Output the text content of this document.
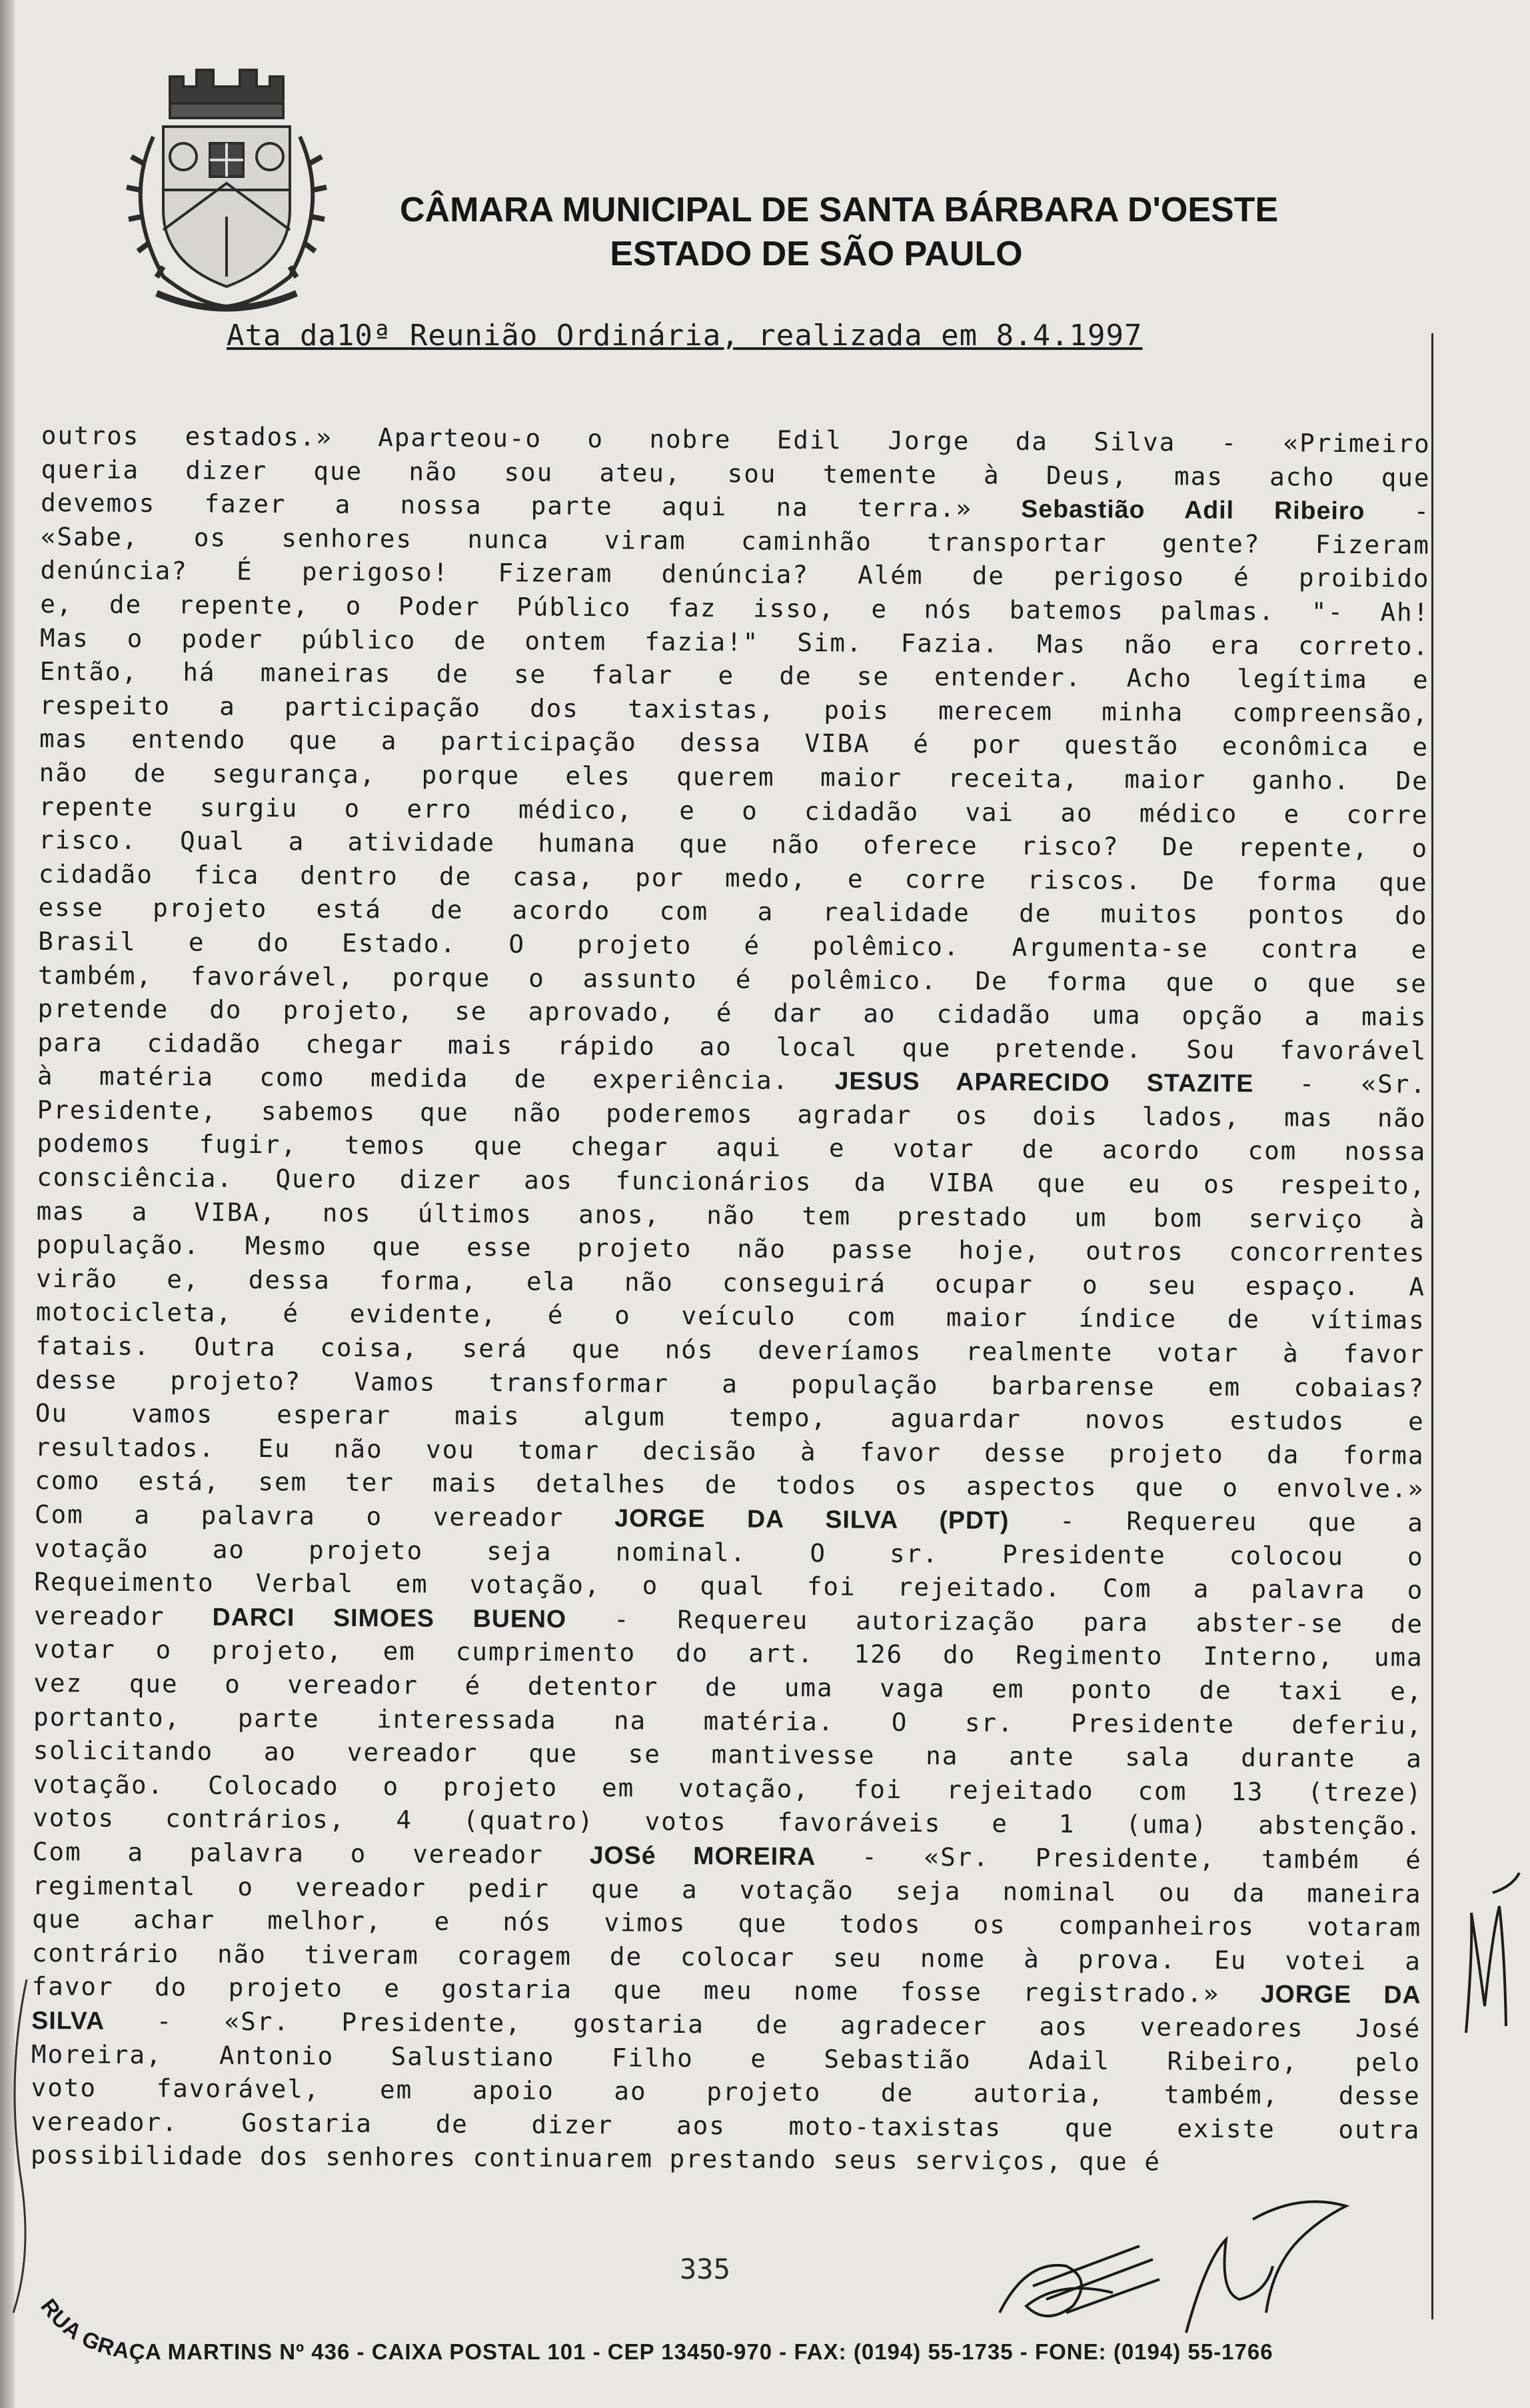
CÂMARA MUNICIPAL DE SANTA BÁRBARA D'OESTE
ESTADO DE SÃO PAULO
Ata da10ª Reunião Ordinária, realizada em 8.4.1997
outros estados.» Aparteou-o o nobre Edil Jorge da Silva - «Primeiro
queria dizer que não sou ateu, sou temente à Deus, mas acho que
devemos fazer a nossa parte aqui na terra.» Sebastião Adil Ribeiro -
«Sabe, os senhores nunca viram caminhão transportar gente? Fizeram
denúncia? É perigoso! Fizeram denúncia? Além de perigoso é proibido
e, de repente, o Poder Público faz isso, e nós batemos palmas. "- Ah!
Mas o poder público de ontem fazia!" Sim. Fazia. Mas não era correto.
Então, há maneiras de se falar e de se entender. Acho legítima e
respeito a participação dos taxistas, pois merecem minha compreensão,
mas entendo que a participação dessa VIBA é por questão econômica e
não de segurança, porque eles querem maior receita, maior ganho. De
repente surgiu o erro médico, e o cidadão vai ao médico e corre
risco. Qual a atividade humana que não oferece risco? De repente, o
cidadão fica dentro de casa, por medo, e corre riscos. De forma que
esse projeto está de acordo com a realidade de muitos pontos do
Brasil e do Estado. O projeto é polêmico. Argumenta-se contra e
também, favorável, porque o assunto é polêmico. De forma que o que se
pretende do projeto, se aprovado, é dar ao cidadão uma opção a mais
para cidadão chegar mais rápido ao local que pretende. Sou favorável
à matéria como medida de experiência. JESUS APARECIDO STAZITE - «Sr.
Presidente, sabemos que não poderemos agradar os dois lados, mas não
podemos fugir, temos que chegar aqui e votar de acordo com nossa
consciência. Quero dizer aos funcionários da VIBA que eu os respeito,
mas a VIBA, nos últimos anos, não tem prestado um bom serviço à
população. Mesmo que esse projeto não passe hoje, outros concorrentes
virão e, dessa forma, ela não conseguirá ocupar o seu espaço. A
motocicleta, é evidente, é o veículo com maior índice de vítimas
fatais. Outra coisa, será que nós deveríamos realmente votar à favor
desse projeto? Vamos transformar a população barbarense em cobaias?
Ou vamos esperar mais algum tempo, aguardar novos estudos e
resultados. Eu não vou tomar decisão à favor desse projeto da forma
como está, sem ter mais detalhes de todos os aspectos que o envolve.»
Com a palavra o vereador JORGE DA SILVA (PDT) - Requereu que a
votação ao projeto seja nominal. O sr. Presidente colocou o
Requeimento Verbal em votação, o qual foi rejeitado. Com a palavra o
vereador DARCI SIMOES BUENO - Requereu autorização para abster-se de
votar o projeto, em cumprimento do art. 126 do Regimento Interno, uma
vez que o vereador é detentor de uma vaga em ponto de taxi e,
portanto, parte interessada na matéria. O sr. Presidente deferiu,
solicitando ao vereador que se mantivesse na ante sala durante a
votação. Colocado o projeto em votação, foi rejeitado com 13 (treze)
votos contrários, 4 (quatro) votos favoráveis e 1 (uma) abstenção.
Com a palavra o vereador JOSé MOREIRA - «Sr. Presidente, também é
regimental o vereador pedir que a votação seja nominal ou da maneira
que achar melhor, e nós vimos que todos os companheiros votaram
contrário não tiveram coragem de colocar seu nome à prova. Eu votei a
favor do projeto e gostaria que meu nome fosse registrado.» JORGE DA
SILVA - «Sr. Presidente, gostaria de agradecer aos vereadores José
Moreira, Antonio Salustiano Filho e Sebastião Adail Ribeiro, pelo
voto favorável, em apoio ao projeto de autoria, também, desse
vereador. Gostaria de dizer aos moto-taxistas que existe outra
possibilidade dos senhores continuarem prestando seus serviços, que é
335
RUA GRAÇA MARTINS Nº 436 - CAIXA POSTAL 101 - CEP 13450-970 - FAX: (0194) 55-1735 - FONE: (0194) 55-1766
